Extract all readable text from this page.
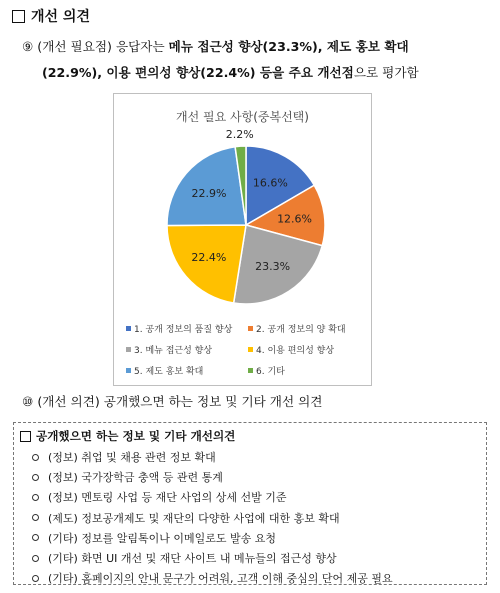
개선 의견
⑨ (개선 필요점) 응답자는 메뉴 접근성 향상(23.3%), 제도 홍보 확대
(22.9%), 이용 편의성 향상(22.4%) 등을 주요 개선점으로 평가함
개선 필요 사항(중복선택)
16.6%
12.6%
23.3%
22.4%
22.9%
2.2%
1. 공개 정보의 품질 향상	2. 공개 정보의 양 확대
3. 메뉴 접근성 향상	4. 이용 편의성 향상
5. 제도 홍보 확대	6. 기타
⑩ (개선 의견) 공개했으면 하는 정보 및 기타 개선 의견
공개했으면 하는 정보 및 기타 개선의견
(정보) 취업 및 채용 관련 정보 확대
(정보) 국가장학금 충액 등 관련 통계
(정보) 멘토링 사업 등 재단 사업의 상세 선발 기준
(제도) 정보공개제도 및 재단의 다양한 사업에 대한 홍보 확대
(기타) 정보를 알림톡이나 이메일로도 발송 요청
(기타) 화면 UI 개선 및 재단 사이트 내 메뉴들의 접근성 향상
(기타) 홈페이지의 안내 문구가 어려워, 고객 이해 중심의 단어 제공 필요
